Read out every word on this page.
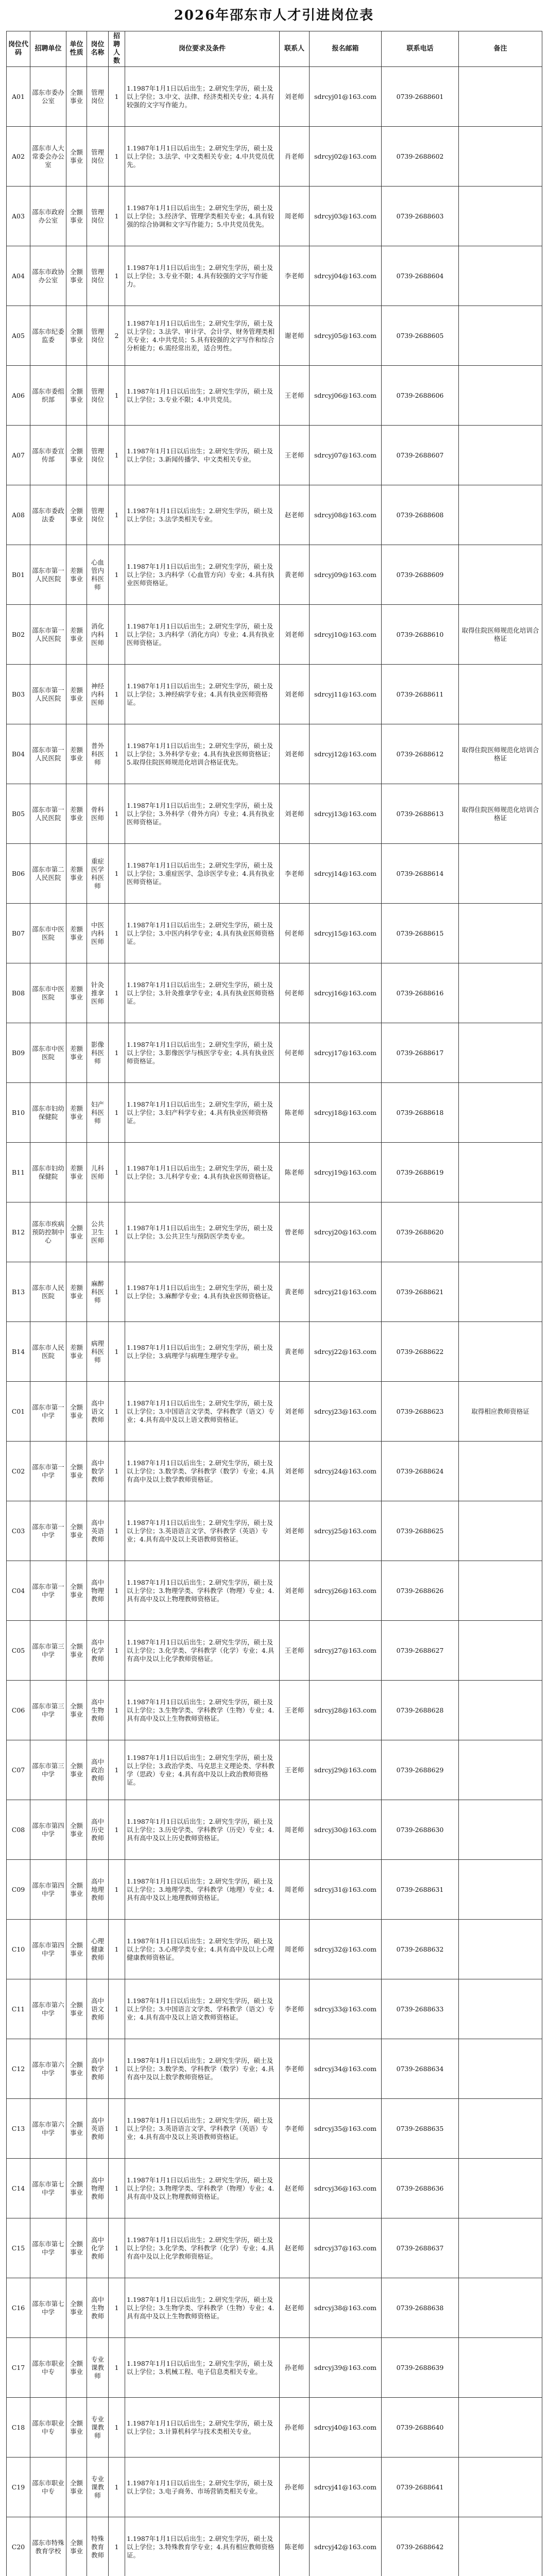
2026年邵东市人才引进岗位表
岗位代码	招聘单位	单位性质	岗位名称	招聘人数	岗位要求及条件	联系人	报名邮箱	联系电话	备注
A01	邵东市委办公室	全额事业	管理岗位	1	1.1987年1月1日以后出生；2.研究生学历，硕士及以上学位；3.中文、法律、经济类相关专业；4.具有较强的文字写作能力。	刘老师	sdrcyj01@163.com	0739-2688601	
A02	邵东市人大常委会办公室	全额事业	管理岗位	1	1.1987年1月1日以后出生；2.研究生学历，硕士及以上学位；3.法学、中文类相关专业；4.中共党员优先。	肖老师	sdrcyj02@163.com	0739-2688602	
A03	邵东市政府办公室	全额事业	管理岗位	1	1.1987年1月1日以后出生；2.研究生学历，硕士及以上学位；3.经济学、管理学类相关专业；4.具有较强的综合协调和文字写作能力；5.中共党员优先。	周老师	sdrcyj03@163.com	0739-2688603	
A04	邵东市政协办公室	全额事业	管理岗位	1	1.1987年1月1日以后出生；2.研究生学历，硕士及以上学位；3.专业不限；4.具有较强的文字写作能力。	李老师	sdrcyj04@163.com	0739-2688604	
A05	邵东市纪委监委	全额事业	管理岗位	2	1.1987年1月1日以后出生；2.研究生学历，硕士及以上学位；3.法学、审计学、会计学、财务管理类相关专业；4.中共党员；5.具有较强的文字写作和综合分析能力；6.需经常出差，适合男性。	谢老师	sdrcyj05@163.com	0739-2688605	
A06	邵东市委组织部	全额事业	管理岗位	1	1.1987年1月1日以后出生；2.研究生学历，硕士及以上学位；3.专业不限；4.中共党员。	王老师	sdrcyj06@163.com	0739-2688606	
A07	邵东市委宣传部	全额事业	管理岗位	1	1.1987年1月1日以后出生；2.研究生学历，硕士及以上学位；3.新闻传播学、中文类相关专业。	王老师	sdrcyj07@163.com	0739-2688607	
A08	邵东市委政法委	全额事业	管理岗位	1	1.1987年1月1日以后出生；2.研究生学历，硕士及以上学位；3.法学类相关专业。	赵老师	sdrcyj08@163.com	0739-2688608	
B01	邵东市第一人民医院	差额事业	心血管内科医师	1	1.1987年1月1日以后出生；2.研究生学历，硕士及以上学位；3.内科学（心血管方向）专业；4.具有执业医师资格证。	黄老师	sdrcyj09@163.com	0739-2688609	
B02	邵东市第一人民医院	差额事业	消化内科医师	1	1.1987年1月1日以后出生；2.研究生学历，硕士及以上学位；3.内科学（消化方向）专业；4.具有执业医师资格证。	刘老师	sdrcyj10@163.com	0739-2688610	取得住院医师规范化培训合格证
B03	邵东市第一人民医院	差额事业	神经内科医师	1	1.1987年1月1日以后出生；2.研究生学历，硕士及以上学位；3.神经病学专业；4.具有执业医师资格证。	刘老师	sdrcyj11@163.com	0739-2688611	
B04	邵东市第一人民医院	差额事业	普外科医师	1	1.1987年1月1日以后出生；2.研究生学历，硕士及以上学位；3.外科学专业；4.具有执业医师资格证；5.取得住院医师规范化培训合格证优先。	刘老师	sdrcyj12@163.com	0739-2688612	取得住院医师规范化培训合格证
B05	邵东市第一人民医院	差额事业	骨科医师	1	1.1987年1月1日以后出生；2.研究生学历，硕士及以上学位；3.外科学（骨外方向）专业；4.具有执业医师资格证。	刘老师	sdrcyj13@163.com	0739-2688613	取得住院医师规范化培训合格证
B06	邵东市第二人民医院	差额事业	重症医学科医师	1	1.1987年1月1日以后出生；2.研究生学历，硕士及以上学位；3.重症医学、急诊医学专业；4.具有执业医师资格证。	李老师	sdrcyj14@163.com	0739-2688614	
B07	邵东市中医医院	差额事业	中医内科医师	1	1.1987年1月1日以后出生；2.研究生学历，硕士及以上学位；3.中医内科学专业；4.具有执业医师资格证。	何老师	sdrcyj15@163.com	0739-2688615	
B08	邵东市中医医院	差额事业	针灸推拿医师	1	1.1987年1月1日以后出生；2.研究生学历，硕士及以上学位；3.针灸推拿学专业；4.具有执业医师资格证。	何老师	sdrcyj16@163.com	0739-2688616	
B09	邵东市中医医院	差额事业	影像科医师	1	1.1987年1月1日以后出生；2.研究生学历，硕士及以上学位；3.影像医学与核医学专业；4.具有执业医师资格证。	何老师	sdrcyj17@163.com	0739-2688617	
B10	邵东市妇幼保健院	差额事业	妇产科医师	1	1.1987年1月1日以后出生；2.研究生学历，硕士及以上学位；3.妇产科学专业；4.具有执业医师资格证。	陈老师	sdrcyj18@163.com	0739-2688618	
B11	邵东市妇幼保健院	差额事业	儿科医师	1	1.1987年1月1日以后出生；2.研究生学历，硕士及以上学位；3.儿科学专业；4.具有执业医师资格证。	陈老师	sdrcyj19@163.com	0739-2688619	
B12	邵东市疾病预防控制中心	全额事业	公共卫生医师	1	1.1987年1月1日以后出生；2.研究生学历，硕士及以上学位；3.公共卫生与预防医学类专业。	曾老师	sdrcyj20@163.com	0739-2688620	
B13	邵东市人民医院	差额事业	麻醉科医师	1	1.1987年1月1日以后出生；2.研究生学历，硕士及以上学位；3.麻醉学专业；4.具有执业医师资格证。	黄老师	sdrcyj21@163.com	0739-2688621	
B14	邵东市人民医院	差额事业	病理科医师	1	1.1987年1月1日以后出生；2.研究生学历，硕士及以上学位；3.病理学与病理生理学专业。	黄老师	sdrcyj22@163.com	0739-2688622	
C01	邵东市第一中学	全额事业	高中语文教师	1	1.1987年1月1日以后出生；2.研究生学历，硕士及以上学位；3.中国语言文学类、学科教学（语文）专业；4.具有高中及以上语文教师资格证。	刘老师	sdrcyj23@163.com	0739-2688623	取得相应教师资格证
C02	邵东市第一中学	全额事业	高中数学教师	1	1.1987年1月1日以后出生；2.研究生学历，硕士及以上学位；3.数学类、学科教学（数学）专业；4.具有高中及以上数学教师资格证。	刘老师	sdrcyj24@163.com	0739-2688624	
C03	邵东市第一中学	全额事业	高中英语教师	1	1.1987年1月1日以后出生；2.研究生学历，硕士及以上学位；3.英语语言文学、学科教学（英语）专业；4.具有高中及以上英语教师资格证。	刘老师	sdrcyj25@163.com	0739-2688625	
C04	邵东市第一中学	全额事业	高中物理教师	1	1.1987年1月1日以后出生；2.研究生学历，硕士及以上学位；3.物理学类、学科教学（物理）专业；4.具有高中及以上物理教师资格证。	刘老师	sdrcyj26@163.com	0739-2688626	
C05	邵东市第三中学	全额事业	高中化学教师	1	1.1987年1月1日以后出生；2.研究生学历，硕士及以上学位；3.化学类、学科教学（化学）专业；4.具有高中及以上化学教师资格证。	王老师	sdrcyj27@163.com	0739-2688627	
C06	邵东市第三中学	全额事业	高中生物教师	1	1.1987年1月1日以后出生；2.研究生学历，硕士及以上学位；3.生物学类、学科教学（生物）专业；4.具有高中及以上生物教师资格证。	王老师	sdrcyj28@163.com	0739-2688628	
C07	邵东市第三中学	全额事业	高中政治教师	1	1.1987年1月1日以后出生；2.研究生学历，硕士及以上学位；3.政治学类、马克思主义理论类、学科教学（思政）专业；4.具有高中及以上政治教师资格证。	王老师	sdrcyj29@163.com	0739-2688629	
C08	邵东市第四中学	全额事业	高中历史教师	1	1.1987年1月1日以后出生；2.研究生学历，硕士及以上学位；3.历史学类、学科教学（历史）专业；4.具有高中及以上历史教师资格证。	周老师	sdrcyj30@163.com	0739-2688630	
C09	邵东市第四中学	全额事业	高中地理教师	1	1.1987年1月1日以后出生；2.研究生学历，硕士及以上学位；3.地理学类、学科教学（地理）专业；4.具有高中及以上地理教师资格证。	周老师	sdrcyj31@163.com	0739-2688631	
C10	邵东市第四中学	全额事业	心理健康教师	1	1.1987年1月1日以后出生；2.研究生学历，硕士及以上学位；3.心理学类专业；4.具有高中及以上心理健康教师资格证。	周老师	sdrcyj32@163.com	0739-2688632	
C11	邵东市第六中学	全额事业	高中语文教师	1	1.1987年1月1日以后出生；2.研究生学历，硕士及以上学位；3.中国语言文学类、学科教学（语文）专业；4.具有高中及以上语文教师资格证。	李老师	sdrcyj33@163.com	0739-2688633	
C12	邵东市第六中学	全额事业	高中数学教师	1	1.1987年1月1日以后出生；2.研究生学历，硕士及以上学位；3.数学类、学科教学（数学）专业；4.具有高中及以上数学教师资格证。	李老师	sdrcyj34@163.com	0739-2688634	
C13	邵东市第六中学	全额事业	高中英语教师	1	1.1987年1月1日以后出生；2.研究生学历，硕士及以上学位；3.英语语言文学、学科教学（英语）专业；4.具有高中及以上英语教师资格证。	李老师	sdrcyj35@163.com	0739-2688635	
C14	邵东市第七中学	全额事业	高中物理教师	1	1.1987年1月1日以后出生；2.研究生学历，硕士及以上学位；3.物理学类、学科教学（物理）专业；4.具有高中及以上物理教师资格证。	赵老师	sdrcyj36@163.com	0739-2688636	
C15	邵东市第七中学	全额事业	高中化学教师	1	1.1987年1月1日以后出生；2.研究生学历，硕士及以上学位；3.化学类、学科教学（化学）专业；4.具有高中及以上化学教师资格证。	赵老师	sdrcyj37@163.com	0739-2688637	
C16	邵东市第七中学	全额事业	高中生物教师	1	1.1987年1月1日以后出生；2.研究生学历，硕士及以上学位；3.生物学类、学科教学（生物）专业；4.具有高中及以上生物教师资格证。	赵老师	sdrcyj38@163.com	0739-2688638	
C17	邵东市职业中专	全额事业	专业课教师	1	1.1987年1月1日以后出生；2.研究生学历，硕士及以上学位；3.机械工程、电子信息类相关专业。	孙老师	sdrcyj39@163.com	0739-2688639	
C18	邵东市职业中专	全额事业	专业课教师	1	1.1987年1月1日以后出生；2.研究生学历，硕士及以上学位；3.计算机科学与技术类相关专业。	孙老师	sdrcyj40@163.com	0739-2688640	
C19	邵东市职业中专	全额事业	专业课教师	1	1.1987年1月1日以后出生；2.研究生学历，硕士及以上学位；3.电子商务、市场营销类相关专业。	孙老师	sdrcyj41@163.com	0739-2688641	
C20	邵东市特殊教育学校	全额事业	特殊教育教师	1	1.1987年1月1日以后出生；2.研究生学历，硕士及以上学位；3.特殊教育学专业；4.具有相应教师资格证。	陈老师	sdrcyj42@163.com	0739-2688642	
